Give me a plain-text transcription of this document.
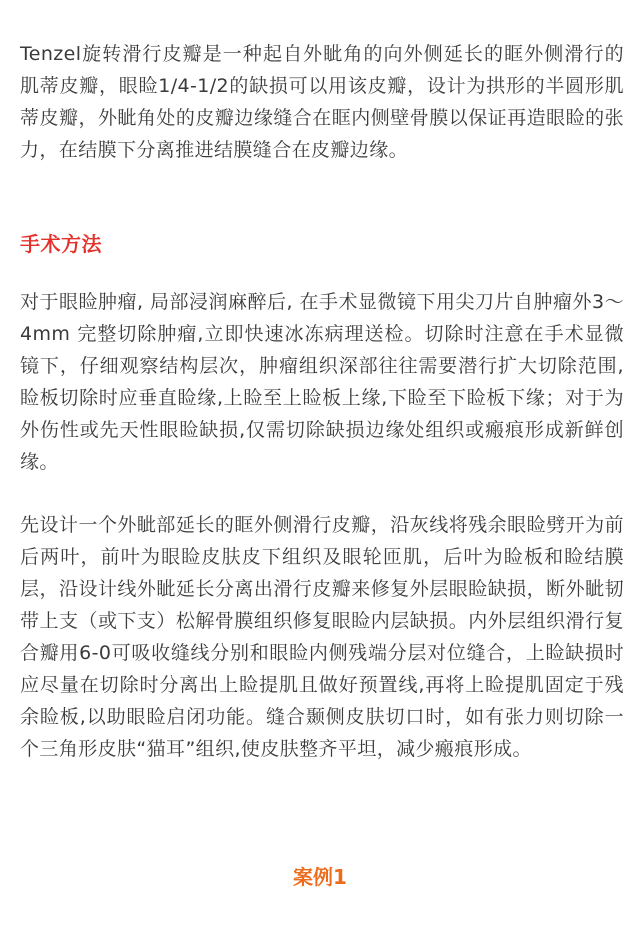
Tenzel旋转滑行皮瓣是一种起自外眦角的向外侧延长的眶外侧滑行的肌蒂皮瓣，眼睑1/4-1/2的缺损可以用该皮瓣，设计为拱形的半圆形肌蒂皮瓣，外眦角处的皮瓣边缘缝合在眶内侧壁骨膜以保证再造眼睑的张力，在结膜下分离推进结膜缝合在皮瓣边缘。

手术方法

对于眼睑肿瘤, 局部浸润麻醉后, 在手术显微镜下用尖刀片自肿瘤外3～4mm 完整切除肿瘤,立即快速冰冻病理送检。切除时注意在手术显微镜下，仔细观察结构层次，肿瘤组织深部往往需要潜行扩大切除范围,睑板切除时应垂直睑缘,上睑至上睑板上缘,下睑至下睑板下缘；对于为外伤性或先天性眼睑缺损,仅需切除缺损边缘处组织或瘢痕形成新鲜创缘。

先设计一个外眦部延长的眶外侧滑行皮瓣，沿灰线将残余眼睑劈开为前后两叶，前叶为眼睑皮肤皮下组织及眼轮匝肌，后叶为睑板和睑结膜层，沿设计线外眦延长分离出滑行皮瓣来修复外层眼睑缺损，断外眦韧带上支（或下支）松解骨膜组织修复眼睑内层缺损。内外层组织滑行复合瓣用6-0可吸收缝线分别和眼睑内侧残端分层对位缝合，上睑缺损时应尽量在切除时分离出上睑提肌且做好预置线,再将上睑提肌固定于残余睑板,以助眼睑启闭功能。缝合颞侧皮肤切口时，如有张力则切除一个三角形皮肤“猫耳”组织,使皮肤整齐平坦，减少瘢痕形成。

案例1
